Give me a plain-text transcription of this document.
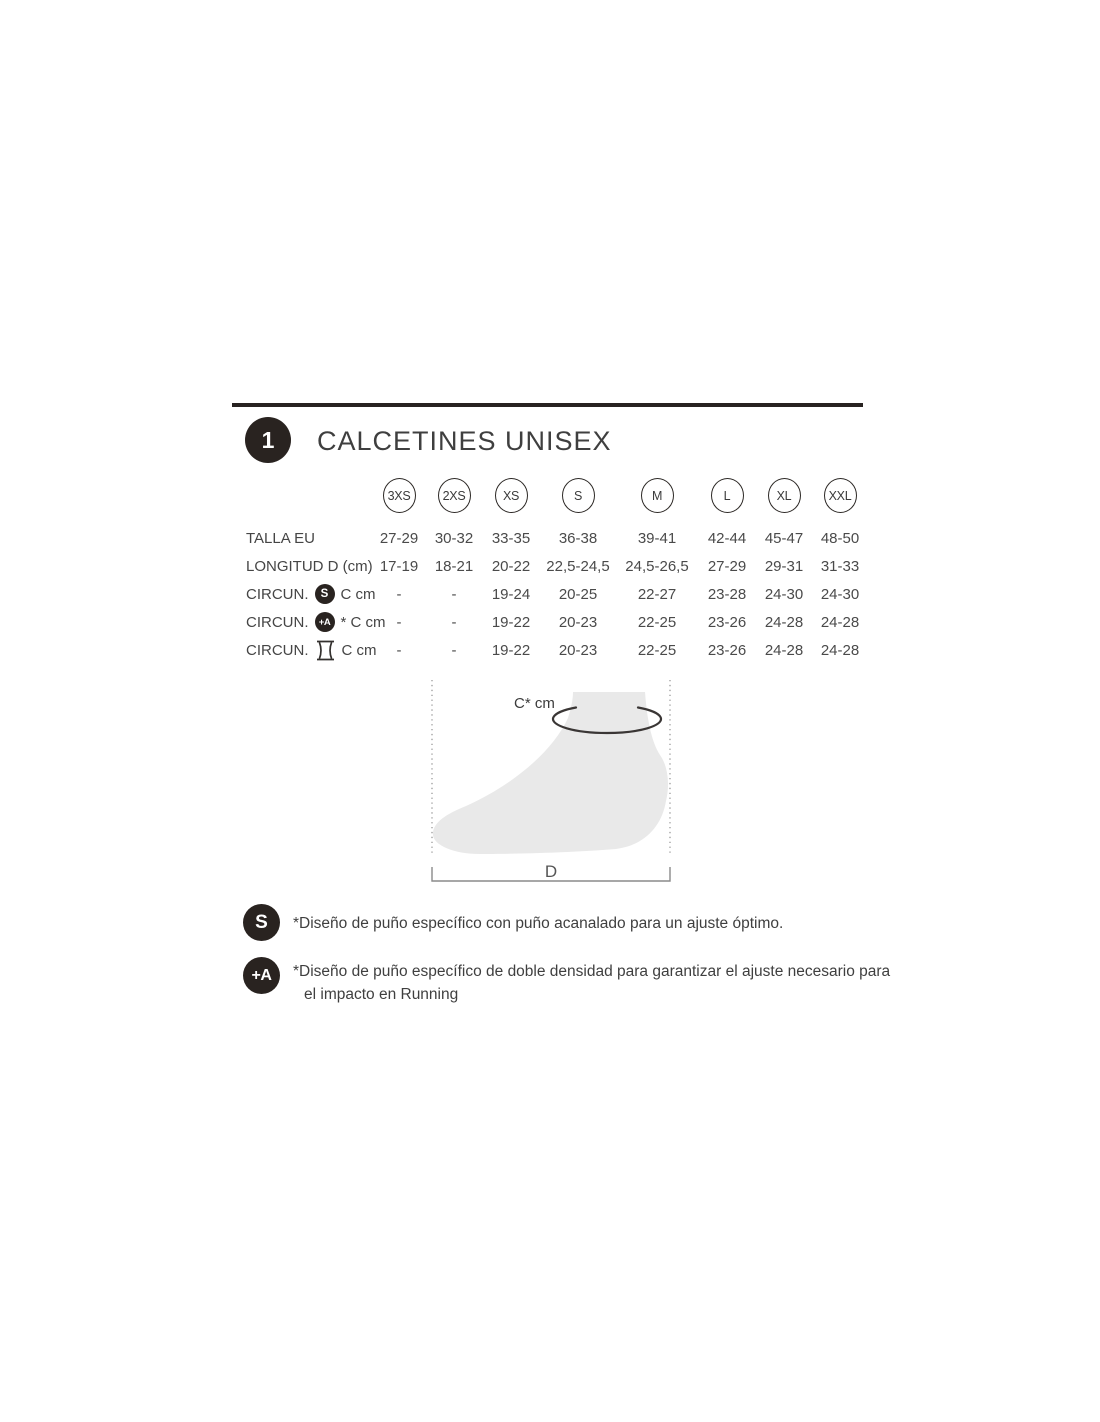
1 CALCETINES UNISEX
3XS	2XS	XS	S	M	L	XL	XXL
TALLA EU	27-29	30-32	33-35	36-38	39-41	42-44	45-47	48-50
LONGITUD D (cm) 17-19	18-21	20-22	22,5-24,5	24,5-26,5	27-29	29-31	31-33
CIRCUN.	S C cm	-	-	19-24	20-25	22-27	23-28	24-30	24-30
CIRCUN.	+A * C cm -	-	19-22	20-23	22-25	23-26	24-28	24-28
CIRCUN. C cm	-	-	19-22	20-23	22-25	23-26	24-28	24-28
C* cm
D
S	*Diseño de puño específico con puño acanalado para un ajuste óptimo.
+A	*Diseño de puño específico de doble densidad para garantizar el ajuste necesario para el impacto en Running
